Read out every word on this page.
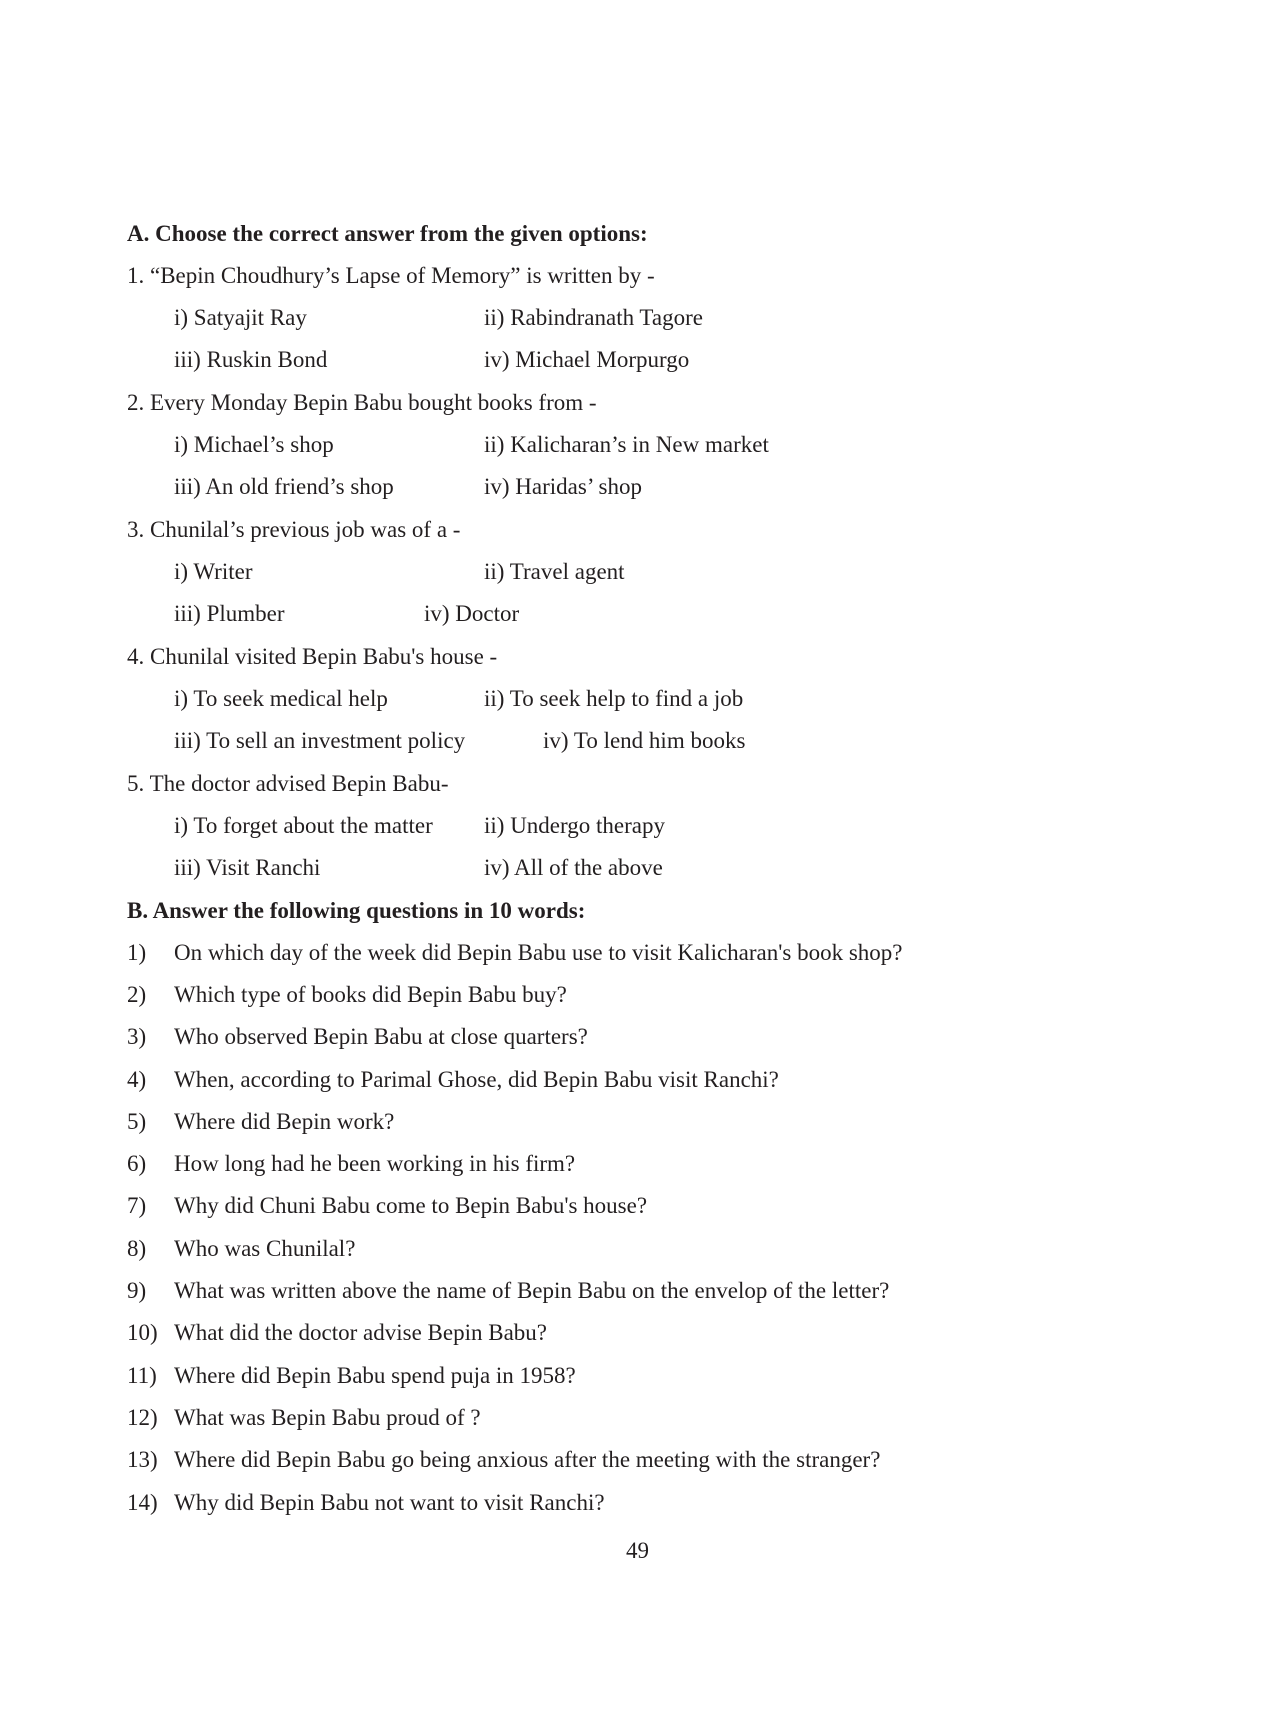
A. Choose the correct answer from the given options:
1. “Bepin Choudhury’s Lapse of Memory” is written by -
i) Satyajit Ray	ii) Rabindranath Tagore
iii) Ruskin Bond	iv) Michael Morpurgo
2. Every Monday Bepin Babu bought books from -
i) Michael’s shop	ii) Kalicharan’s in New market
iii) An old friend’s shop	iv) Haridas’ shop
3. Chunilal’s previous job was of a -
i) Writer	ii) Travel agent
iii) Plumber	iv) Doctor
4. Chunilal visited Bepin Babu's house -
i) To seek medical help	ii) To seek help to find a job
iii) To sell an investment policy	iv) To lend him books
5. The doctor advised Bepin Babu-
i) To forget about the matter ii) Undergo therapy
iii) Visit Ranchi	iv) All of the above
B. Answer the following questions in 10 words:
1) On which day of the week did Bepin Babu use to visit Kalicharan's book shop?
2) Which type of books did Bepin Babu buy?
3) Who observed Bepin Babu at close quarters?
4) When, according to Parimal Ghose, did Bepin Babu visit Ranchi?
5) Where did Bepin work?
6) How long had he been working in his firm?
7) Why did Chuni Babu come to Bepin Babu's house?
8) Who was Chunilal?
9) What was written above the name of Bepin Babu on the envelop of the letter?
10) What did the doctor advise Bepin Babu?
11) Where did Bepin Babu spend puja in 1958?
12) What was Bepin Babu proud of ?
13) Where did Bepin Babu go being anxious after the meeting with the stranger?
14) Why did Bepin Babu not want to visit Ranchi?
49
